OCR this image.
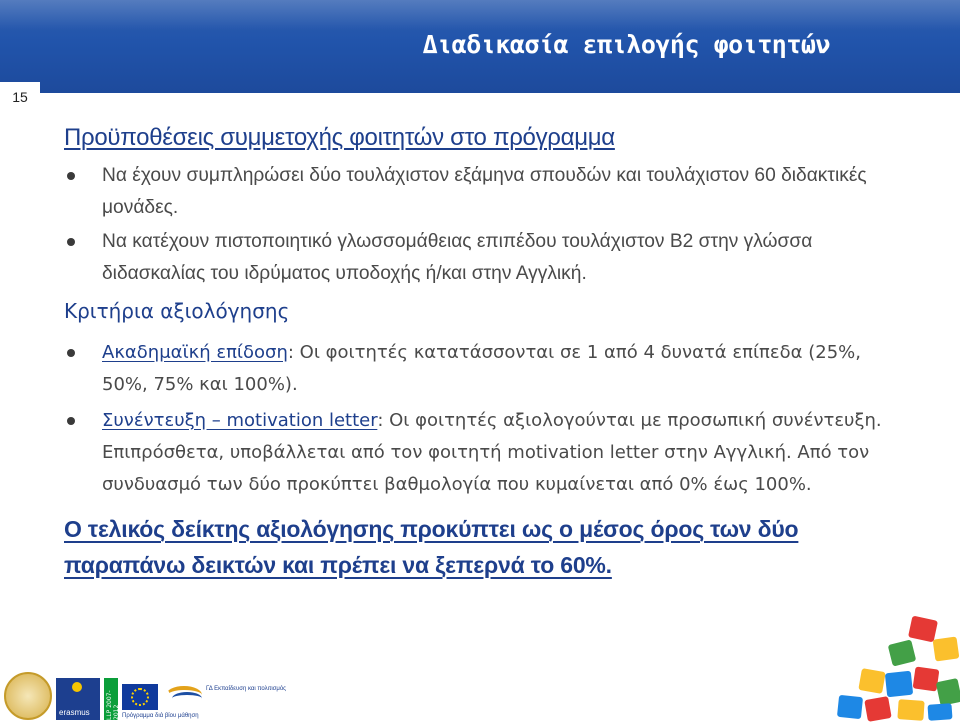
Διαδικασία επιλογής φοιτητών
15
Προϋποθέσεις συμμετοχής φοιτητών στο πρόγραμμα
Να έχουν συμπληρώσει δύο τουλάχιστον εξάμηνα σπουδών και τουλάχιστον 60 διδακτικές μονάδες.
Να κατέχουν πιστοποιητικό γλωσσομάθειας επιπέδου τουλάχιστον Β2 στην γλώσσα διδασκαλίας του ιδρύματος υποδοχής ή/και στην Αγγλική.
Κριτήρια αξιολόγησης
Ακαδημαϊκή επίδοση: Οι φοιτητές κατατάσσονται σε 1 από 4 δυνατά επίπεδα (25%, 50%, 75% και 100%).
Συνέντευξη – motivation letter: Οι φοιτητές αξιολογούνται με προσωπική συνέντευξη. Επιπρόσθετα, υποβάλλεται από τον φοιτητή motivation letter στην Αγγλική. Από τον συνδυασμό των δύο προκύπτει βαθμολογία που κυμαίνεται από 0% έως 100%.
Ο τελικός δείκτης αξιολόγησης προκύπτει ως ο μέσος όρος των δύο παραπάνω δεικτών και πρέπει να ξεπερνά το 60%.
erasmus	LLP 2007-2012
ΓΔ Εκπαίδευση και πολιτισμός
Πρόγραμμα διά βίου μάθηση
